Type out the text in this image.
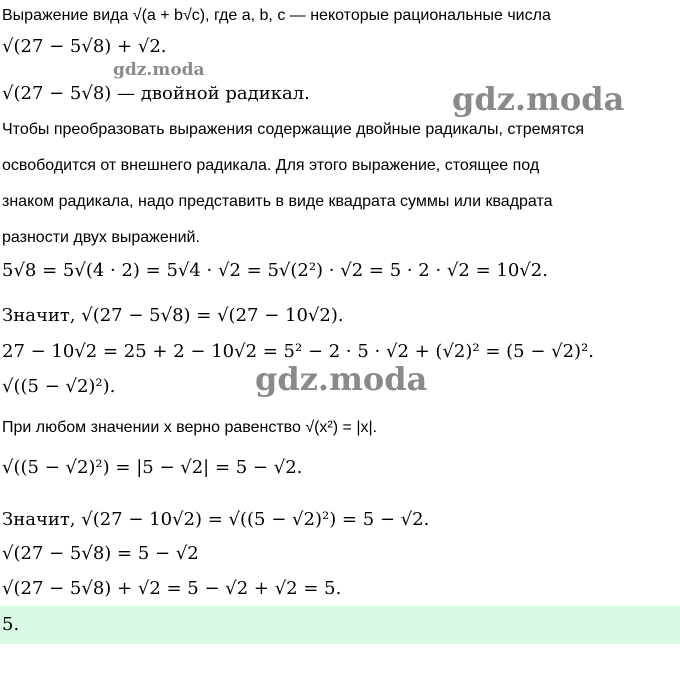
Выражение вида √(a + b√c), где a, b, c — некоторые рациональные числа
√(27 − 5√8) + √2.
√(27 − 5√8) — двойной радикал.
Чтобы преобразовать выражения содержащие двойные радикалы, стремятся
освободится от внешнего радикала. Для этого выражение, стоящее под
знаком радикала, надо представить в виде квадрата суммы или квадрата
разности двух выражений.
5√8 = 5√(4 · 2) = 5√4 · √2 = 5√(2²) · √2 = 5 · 2 · √2 = 10√2.
Значит, √(27 − 5√8) = √(27 − 10√2).
27 − 10√2 = 25 + 2 − 10√2 = 5² − 2 · 5 · √2 + (√2)² = (5 − √2)².
√((5 − √2)²).
При любом значении x верно равенство √(x²) = |x|.
√((5 − √2)²) = |5 − √2| = 5 − √2.
Значит, √(27 − 10√2) = √((5 − √2)²) = 5 − √2.
√(27 − 5√8) = 5 − √2
√(27 − 5√8) + √2 = 5 − √2 + √2 = 5.
gdz.moda
gdz.moda
gdz.moda
5.
